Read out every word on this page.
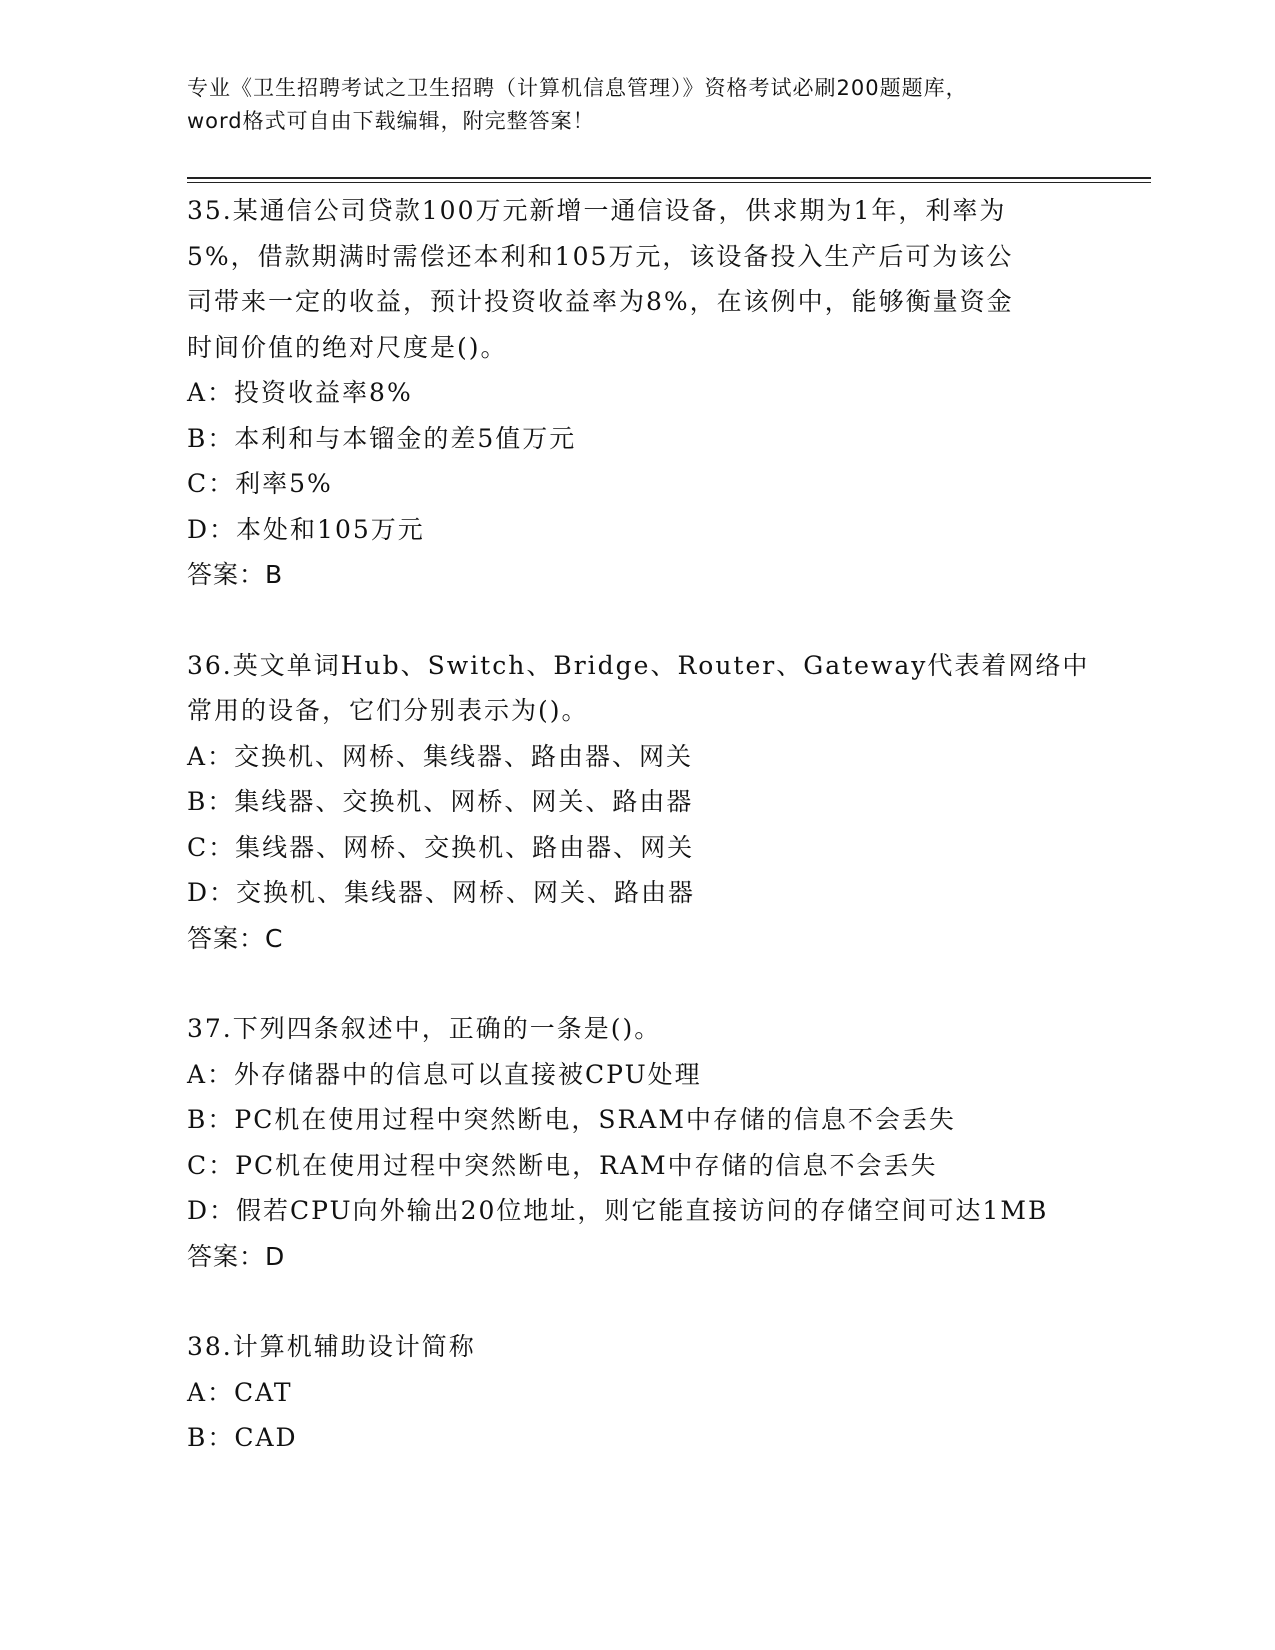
专业《卫生招聘考试之卫生招聘（计算机信息管理）》资格考试必刷200题题库，
word格式可自由下载编辑，附完整答案！
35.某通信公司贷款100万元新增一通信设备，供求期为1年，利率为
5%，借款期满时需偿还本利和105万元，该设备投入生产后可为该公
司带来一定的收益，预计投资收益率为8%，在该例中，能够衡量资金
时间价值的绝对尺度是()。
A：投资收益率8%
B：本利和与本镏金的差5值万元
C：利率5%
D：本处和105万元
答案：B
36.英文单词Hub、Switch、Bridge、Router、Gateway代表着网络中
常用的设备，它们分别表示为()。
A：交换机、网桥、集线器、路由器、网关
B：集线器、交换机、网桥、网关、路由器
C：集线器、网桥、交换机、路由器、网关
D：交换机、集线器、网桥、网关、路由器
答案：C
37.下列四条叙述中，正确的一条是()。
A：外存储器中的信息可以直接被CPU处理
B：PC机在使用过程中突然断电，SRAM中存储的信息不会丢失
C：PC机在使用过程中突然断电，RAM中存储的信息不会丢失
D：假若CPU向外输出20位地址，则它能直接访问的存储空间可达1MB
答案：D
38.计算机辅助设计简称
A：CAT
B：CAD
